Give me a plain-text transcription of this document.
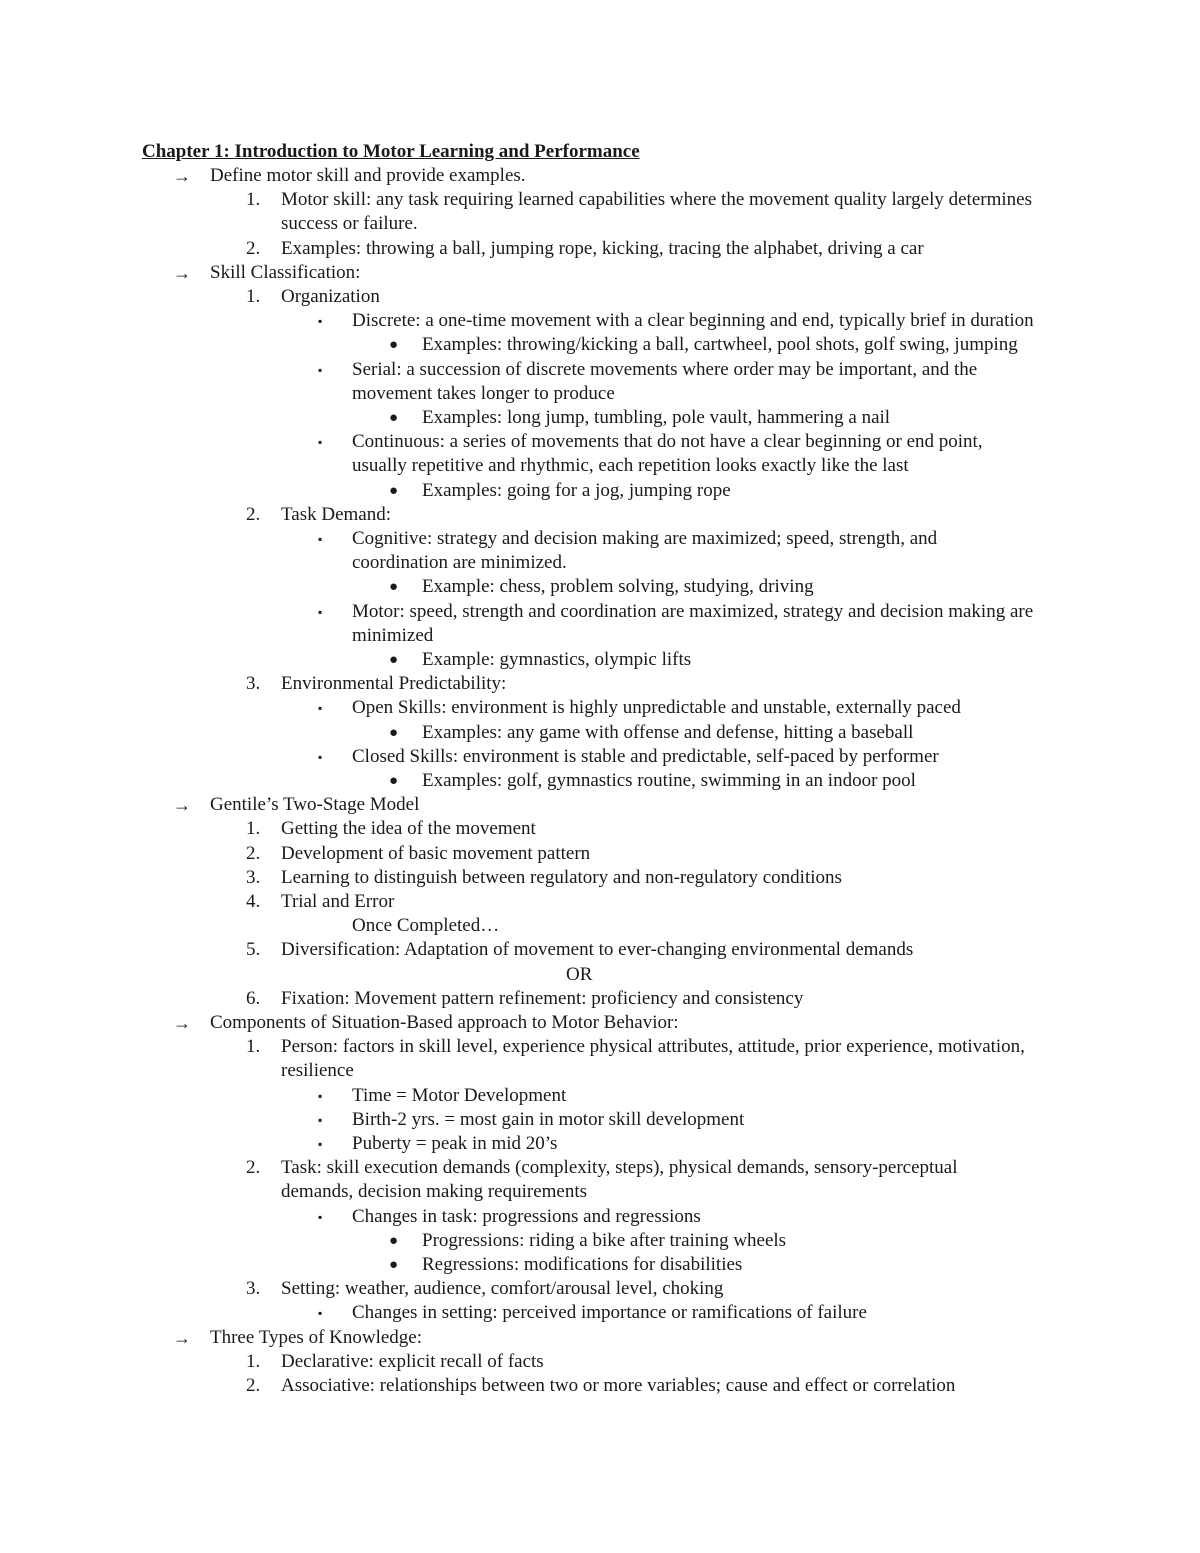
Chapter 1: Introduction to Motor Learning and Performance
→ Define motor skill and provide examples.
1. Motor skill: any task requiring learned capabilities where the movement quality largely determines
success or failure.
2. Examples: throwing a ball, jumping rope, kicking, tracing the alphabet, driving a car
→ Skill Classification:
1. Organization
▪ Discrete: a one-time movement with a clear beginning and end, typically brief in duration
● Examples: throwing/kicking a ball, cartwheel, pool shots, golf swing, jumping
▪ Serial: a succession of discrete movements where order may be important, and the
movement takes longer to produce
● Examples: long jump, tumbling, pole vault, hammering a nail
▪ Continuous: a series of movements that do not have a clear beginning or end point,
usually repetitive and rhythmic, each repetition looks exactly like the last
● Examples: going for a jog, jumping rope
2. Task Demand:
▪ Cognitive: strategy and decision making are maximized; speed, strength, and
coordination are minimized.
● Example: chess, problem solving, studying, driving
▪ Motor: speed, strength and coordination are maximized, strategy and decision making are
minimized
● Example: gymnastics, olympic lifts
3. Environmental Predictability:
▪ Open Skills: environment is highly unpredictable and unstable, externally paced
● Examples: any game with offense and defense, hitting a baseball
▪ Closed Skills: environment is stable and predictable, self-paced by performer
● Examples: golf, gymnastics routine, swimming in an indoor pool
→ Gentile’s Two-Stage Model
1. Getting the idea of the movement
2. Development of basic movement pattern
3. Learning to distinguish between regulatory and non-regulatory conditions
4. Trial and Error
Once Completed…
5. Diversification: Adaptation of movement to ever-changing environmental demands
OR
6. Fixation: Movement pattern refinement: proficiency and consistency
→ Components of Situation-Based approach to Motor Behavior:
1. Person: factors in skill level, experience physical attributes, attitude, prior experience, motivation,
resilience
▪ Time = Motor Development
▪ Birth-2 yrs. = most gain in motor skill development
▪ Puberty = peak in mid 20’s
2. Task: skill execution demands (complexity, steps), physical demands, sensory-perceptual
demands, decision making requirements
▪ Changes in task: progressions and regressions
● Progressions: riding a bike after training wheels
● Regressions: modifications for disabilities
3. Setting: weather, audience, comfort/arousal level, choking
▪ Changes in setting: perceived importance or ramifications of failure
→ Three Types of Knowledge:
1. Declarative: explicit recall of facts
2. Associative: relationships between two or more variables; cause and effect or correlation
